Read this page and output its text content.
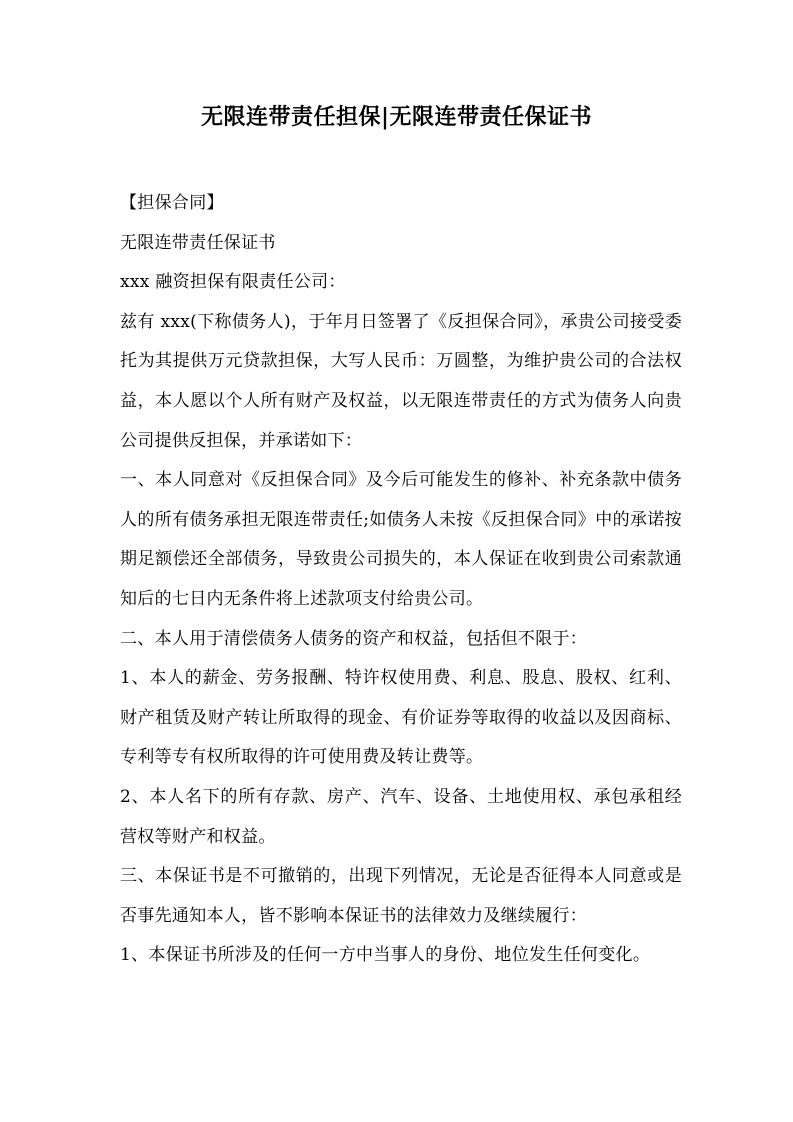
无限连带责任担保|无限连带责任保证书

【担保合同】

无限连带责任保证书

xxx 融资担保有限责任公司：

兹有 xxx(下称债务人)，于年月日签署了《反担保合同》，承贵公司接受委托为其提供万元贷款担保，大写人民币：万圆整，为维护贵公司的合法权益，本人愿以个人所有财产及权益，以无限连带责任的方式为债务人向贵公司提供反担保，并承诺如下：

一、本人同意对《反担保合同》及今后可能发生的修补、补充条款中债务人的所有债务承担无限连带责任;如债务人未按《反担保合同》中的承诺按期足额偿还全部债务，导致贵公司损失的，本人保证在收到贵公司索款通知后的七日内无条件将上述款项支付给贵公司。

二、本人用于清偿债务人债务的资产和权益，包括但不限于：

1、本人的薪金、劳务报酬、特许权使用费、利息、股息、股权、红利、财产租赁及财产转让所取得的现金、有价证券等取得的收益以及因商标、专利等专有权所取得的许可使用费及转让费等。

2、本人名下的所有存款、房产、汽车、设备、土地使用权、承包承租经营权等财产和权益。

三、本保证书是不可撤销的，出现下列情况，无论是否征得本人同意或是否事先通知本人，皆不影响本保证书的法律效力及继续履行：

1、本保证书所涉及的任何一方中当事人的身份、地位发生任何变化。
